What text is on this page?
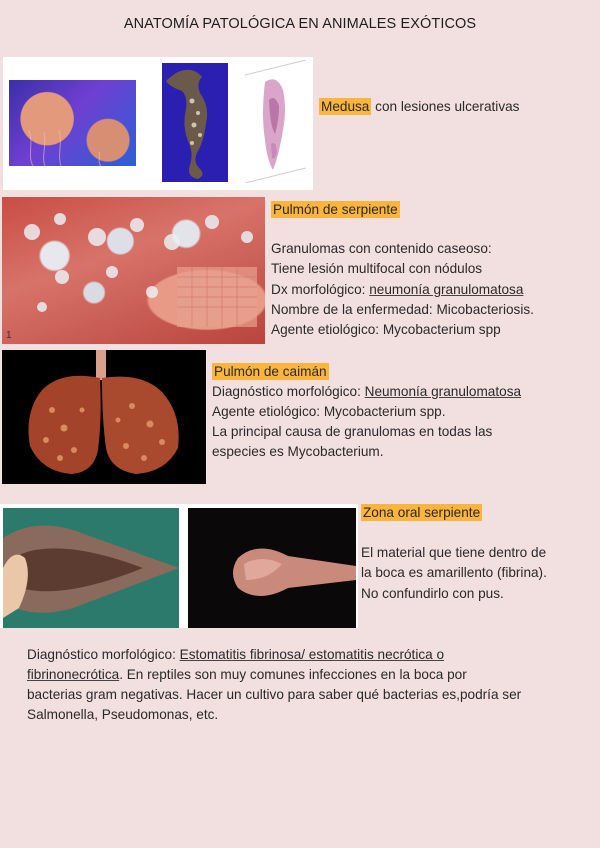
ANATOMÍA PATOLÓGICA EN ANIMALES EXÓTICOS
Medusa con lesiones ulcerativas
1
Pulmón de serpiente
Granulomas con contenido caseoso:
Tiene lesión multifocal con nódulos
Dx morfológico: neumonía granulomatosa
Nombre de la enfermedad: Micobacteriosis.
Agente etiológico: Mycobacterium spp
Pulmón de caimán
Diagnóstico morfológico: Neumonía granulomatosa
Agente etiológico: Mycobacterium spp.
La principal causa de granulomas en todas las
especies es Mycobacterium.
Zona oral serpiente
El material que tiene dentro de
la boca es amarillento (fibrina).
No confundirlo con pus.
Diagnóstico morfológico: Estomatitis fibrinosa/ estomatitis necrótica o
fibrinonecrótica. En reptiles son muy comunes infecciones en la boca por
bacterias gram negativas. Hacer un cultivo para saber qué bacterias es,podría ser
Salmonella, Pseudomonas, etc.
